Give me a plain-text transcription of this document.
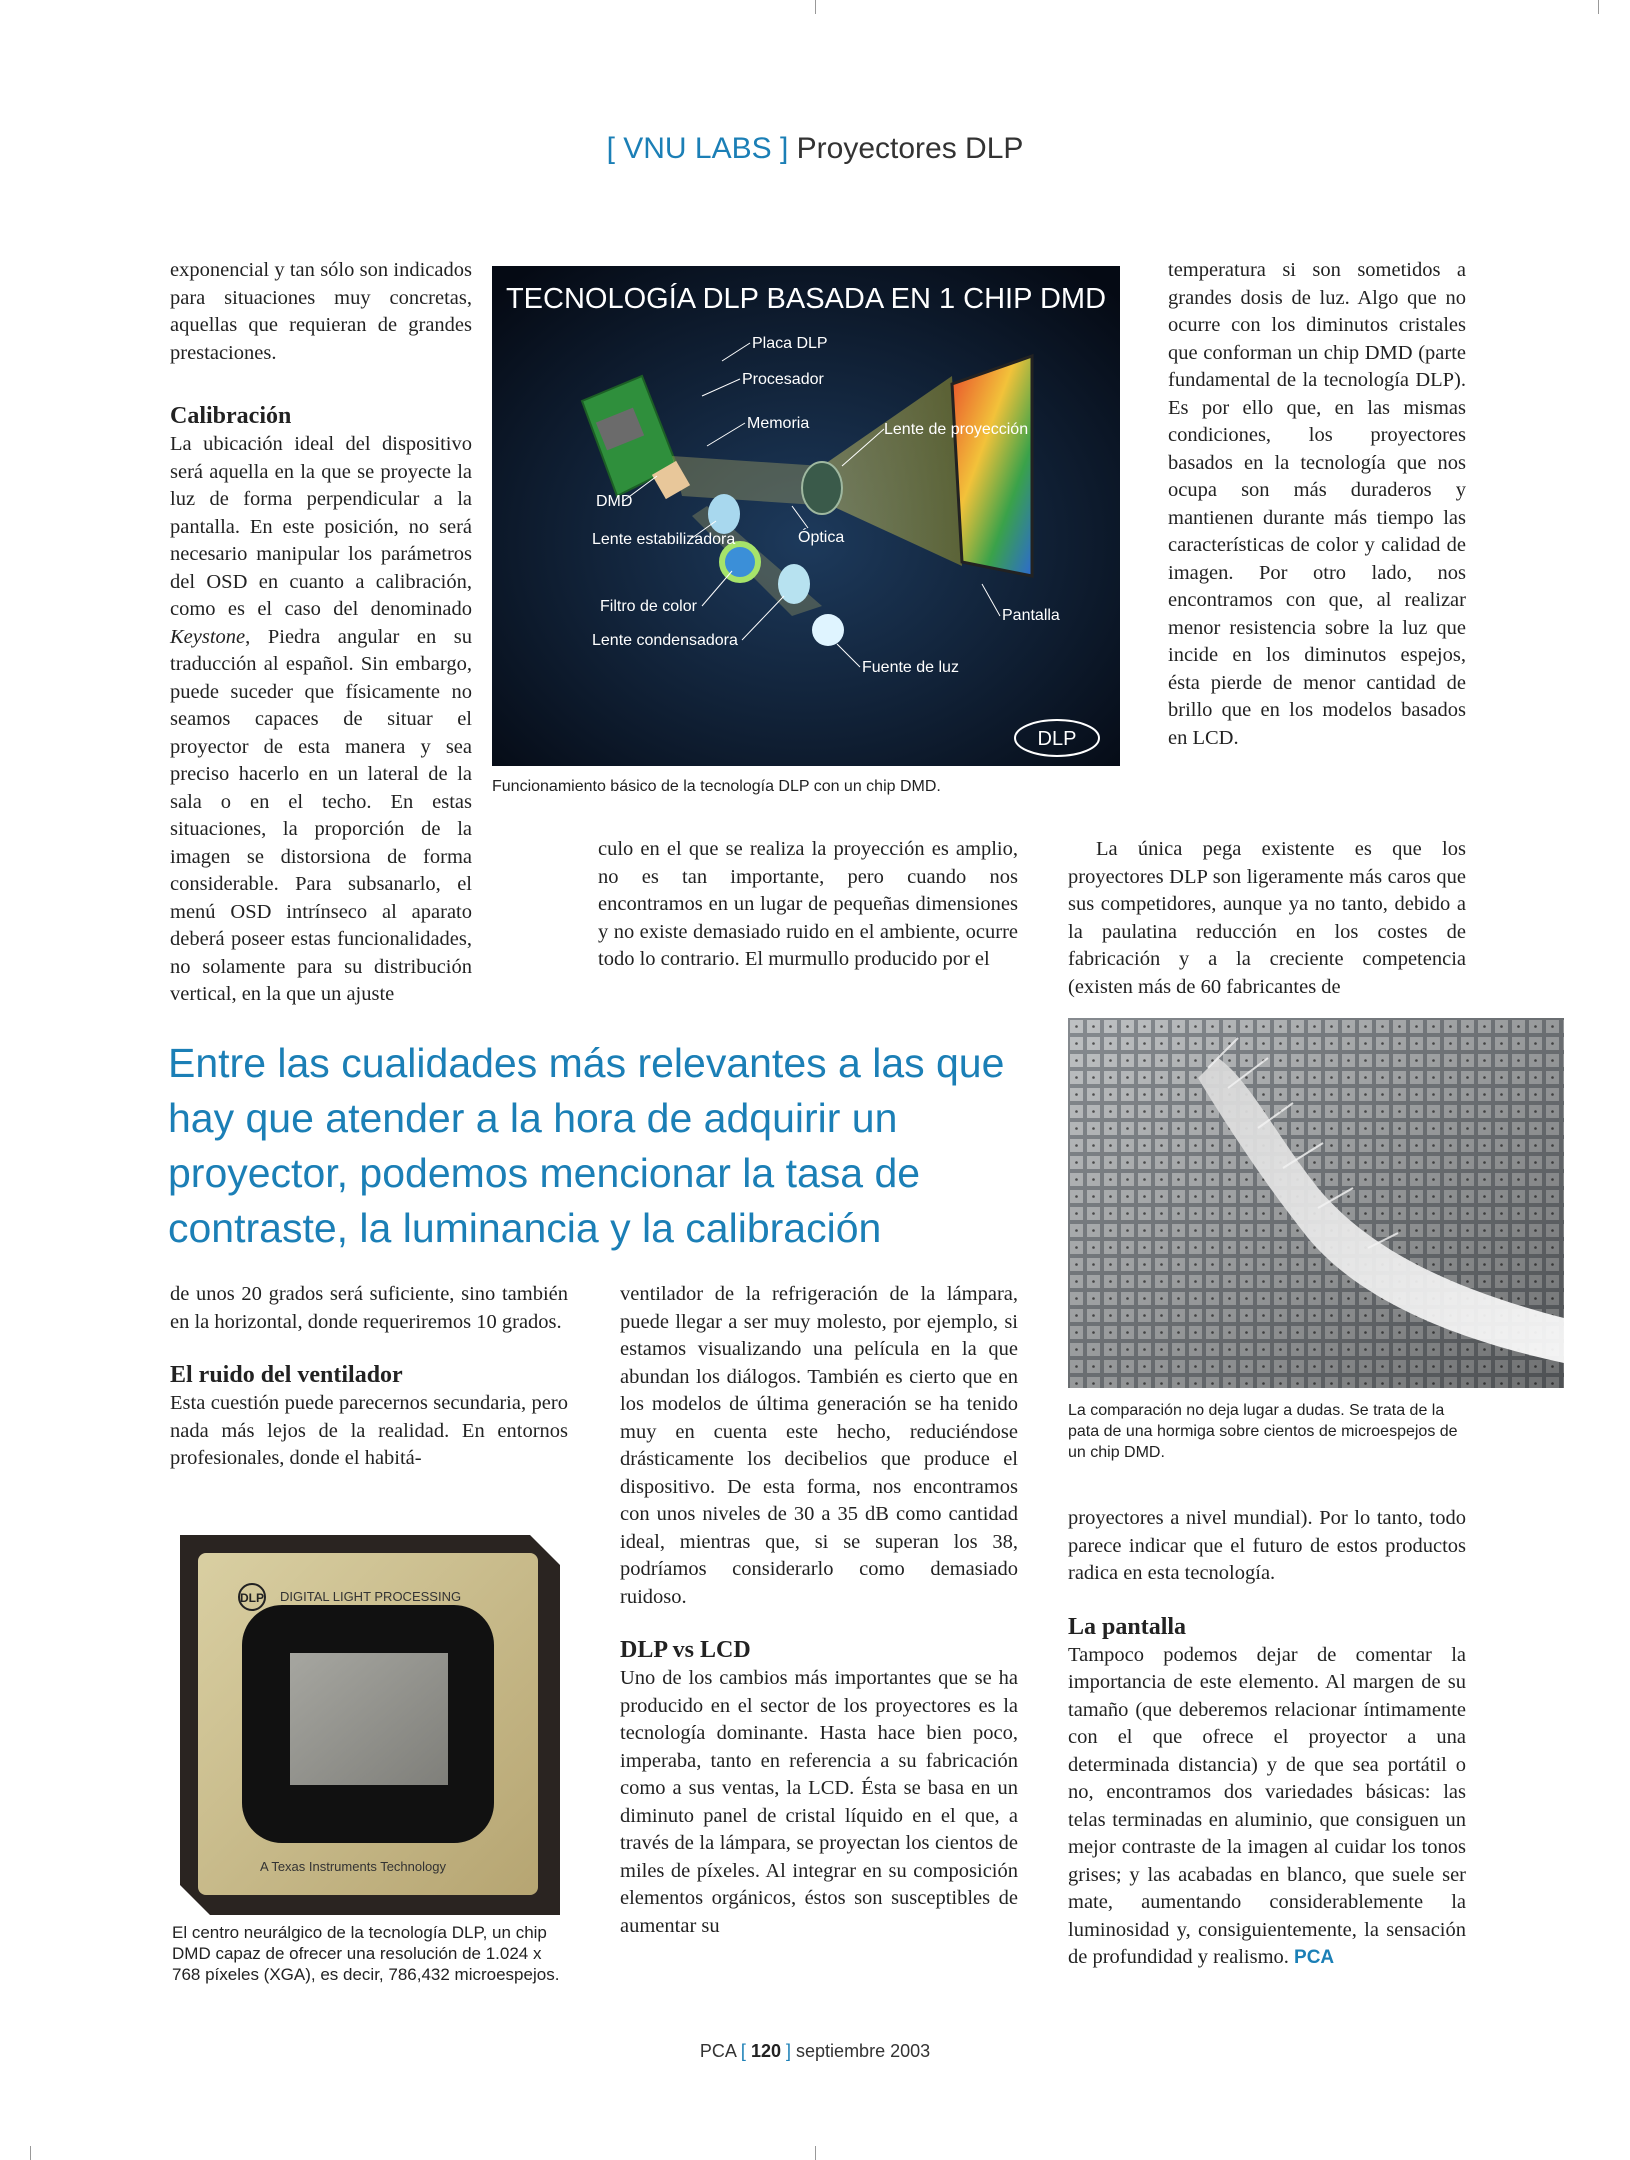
[ VNU LABS ] Proyectores DLP

exponencial y tan sólo son indicados para situaciones muy concretas, aquellas que requieran de grandes prestaciones.

Calibración

La ubicación ideal del dispositivo será aquella en la que se proyecte la luz de forma perpendicular a la pantalla. En este posición, no será necesario manipular los parámetros del OSD en cuanto a calibración, como es el caso del denominado Keystone, Piedra angular en su traducción al español. Sin embargo, puede suceder que físicamente no seamos capaces de situar el proyector de esta manera y sea preciso hacerlo en un lateral de la sala o en el techo. En estas situaciones, la proporción de la imagen se distorsiona de forma considerable. Para subsanarlo, el menú OSD intrínseco al aparato deberá poseer estas funcionalidades, no solamente para su distribución vertical, en la que un ajuste

TECNOLOGÍA DLP BASADA EN 1 CHIP DMD
Placa DLP
Procesador
Memoria	Lente de proyección
DMD
Lente estabilizadora	Óptica
Filtro de color
Lente condensadora
Pantalla
Fuente de luz
DLP
Funcionamiento básico de la tecnología DLP con un chip DMD.

culo en el que se realiza la proyección es amplio, no es tan importante, pero cuando nos encontramos en un lugar de pequeñas dimensiones y no existe demasiado ruido en el ambiente, ocurre todo lo contrario. El murmullo producido por el

temperatura si son sometidos a grandes dosis de luz. Algo que no ocurre con los diminutos cristales que conforman un chip DMD (parte fundamental de la tecnología DLP). Es por ello que, en las mismas condiciones, los proyectores basados en la tecnología que nos ocupa son más duraderos y mantienen durante más tiempo las características de color y calidad de imagen. Por otro lado, nos encontramos con que, al realizar menor resistencia sobre la luz que incide en los diminutos espejos, ésta pierde de menor cantidad de brillo que en los modelos basados en LCD.

La única pega existente es que los proyectores DLP son ligeramente más caros que sus competidores, aunque ya no tanto, debido a la paulatina reducción en los costes de fabricación y a la creciente competencia (existen más de 60 fabricantes de

Entre las cualidades más relevantes a las que hay que atender a la hora de adquirir un proyector, podemos mencionar la tasa de contraste, la luminancia y la calibración
La comparación no deja lugar a dudas. Se trata de la pata de una hormiga sobre cientos de microespejos de un chip DMD.

de unos 20 grados será suficiente, sino también en la horizontal, donde requeriremos 10 grados.

El ruido del ventilador

Esta cuestión puede parecernos secundaria, pero nada más lejos de la realidad. En entornos profesionales, donde el habitá-

DLP DIGITAL LIGHT PROCESSING
A Texas Instruments Technology
El centro neurálgico de la tecnología DLP, un chip DMD capaz de ofrecer una resolución de 1.024 x 768 píxeles (XGA), es decir, 786,432 microespejos.

ventilador de la refrigeración de la lámpara, puede llegar a ser muy molesto, por ejemplo, si estamos visualizando una película en la que abundan los diálogos. También es cierto que en los modelos de última generación se ha tenido muy en cuenta este hecho, reduciéndose drásticamente los decibelios que produce el dispositivo. De esta forma, nos encontramos con unos niveles de 30 a 35 dB como cantidad ideal, mientras que, si se superan los 38, podríamos considerarlo como demasiado ruidoso.

DLP vs LCD

Uno de los cambios más importantes que se ha producido en el sector de los proyectores es la tecnología dominante. Hasta hace bien poco, imperaba, tanto en referencia a su fabricación como a sus ventas, la LCD. Ésta se basa en un diminuto panel de cristal líquido en el que, a través de la lámpara, se proyectan los cientos de miles de píxeles. Al integrar en su composición elementos orgánicos, éstos son susceptibles de aumentar su

proyectores a nivel mundial). Por lo tanto, todo parece indicar que el futuro de estos productos radica en esta tecnología.

La pantalla

Tampoco podemos dejar de comentar la importancia de este elemento. Al margen de su tamaño (que deberemos relacionar íntimamente con el que ofrece el proyector a una determinada distancia) y de que sea portátil o no, encontramos dos variedades básicas: las telas terminadas en aluminio, que consiguen un mejor contraste de la imagen al cuidar los tonos grises; y las acabadas en blanco, que suele ser mate, aumentando considerablemente la luminosidad y, consiguientemente, la sensación de profundidad y realismo. PCA

PCA [ 120 ] septiembre 2003
